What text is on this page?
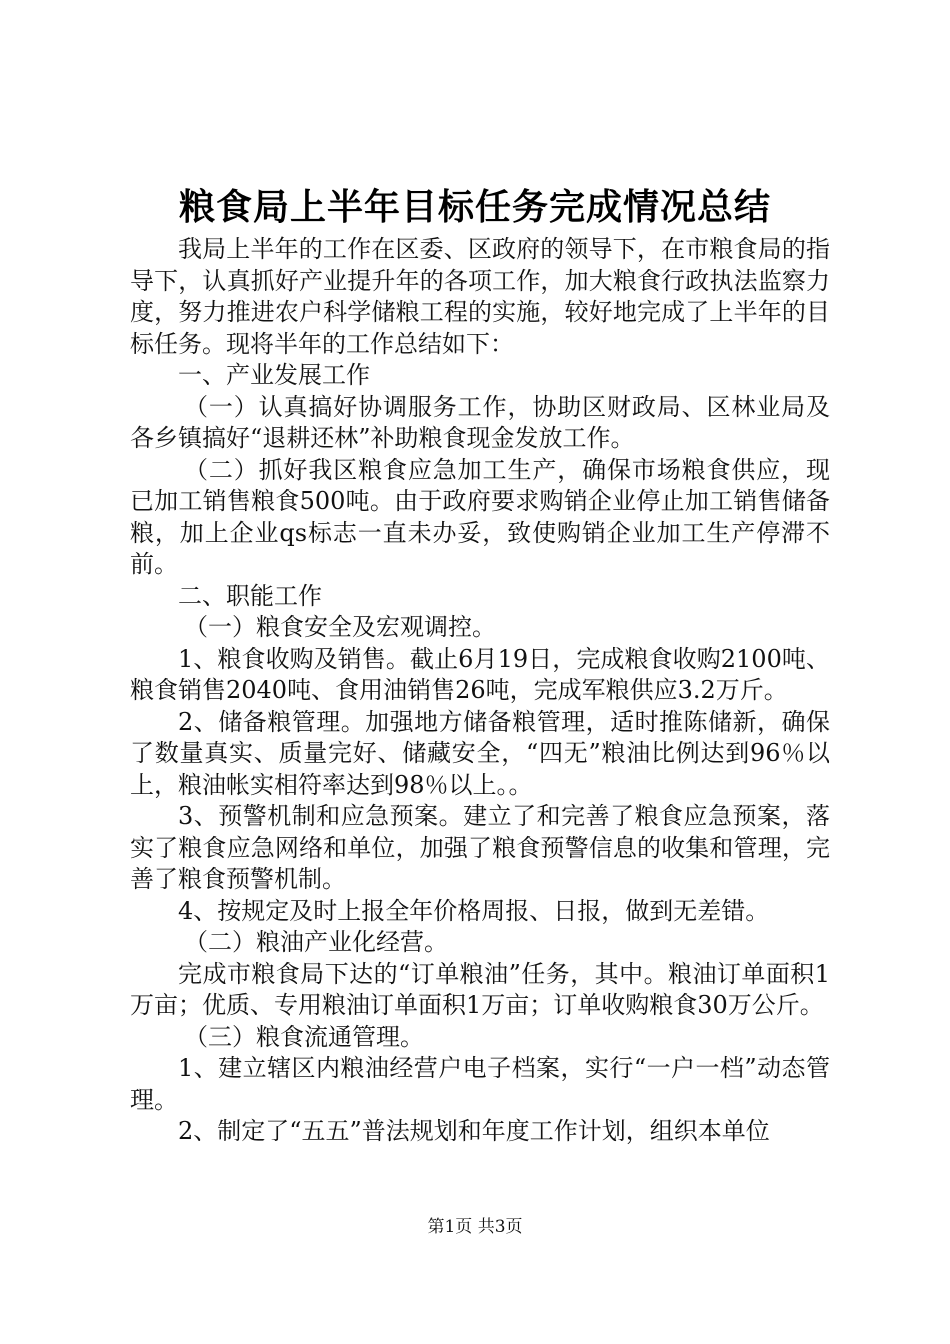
粮食局上半年目标任务完成情况总结

我局上半年的工作在区委、区政府的领导下，在市粮食局的指导下，认真抓好产业提升年的各项工作，加大粮食行政执法监察力度，努力推进农户科学储粮工程的实施，较好地完成了上半年的目标任务。现将半年的工作总结如下：

一、产业发展工作

（一）认真搞好协调服务工作，协助区财政局、区林业局及各乡镇搞好“退耕还林”补助粮食现金发放工作。

（二）抓好我区粮食应急加工生产，确保市场粮食供应，现已加工销售粮食500吨。由于政府要求购销企业停止加工销售储备粮，加上企业qs标志一直未办妥，致使购销企业加工生产停滞不前。

二、职能工作

（一）粮食安全及宏观调控。

1、粮食收购及销售。截止6月19日，完成粮食收购2100吨、粮食销售2040吨、食用油销售26吨，完成军粮供应3.2万斤。

2、储备粮管理。加强地方储备粮管理，适时推陈储新，确保了数量真实、质量完好、储藏安全，“四无”粮油比例达到96％以上，粮油帐实相符率达到98％以上。。

3、预警机制和应急预案。建立了和完善了粮食应急预案，落实了粮食应急网络和单位，加强了粮食预警信息的收集和管理，完善了粮食预警机制。

4、按规定及时上报全年价格周报、日报，做到无差错。

（二）粮油产业化经营。

完成市粮食局下达的“订单粮油”任务，其中。粮油订单面积1万亩；优质、专用粮油订单面积1万亩；订单收购粮食30万公斤。

（三）粮食流通管理。

1、建立辖区内粮油经营户电子档案，实行“一户一档”动态管理。

2、制定了“五五”普法规划和年度工作计划，组织本单位

第1页 共3页
